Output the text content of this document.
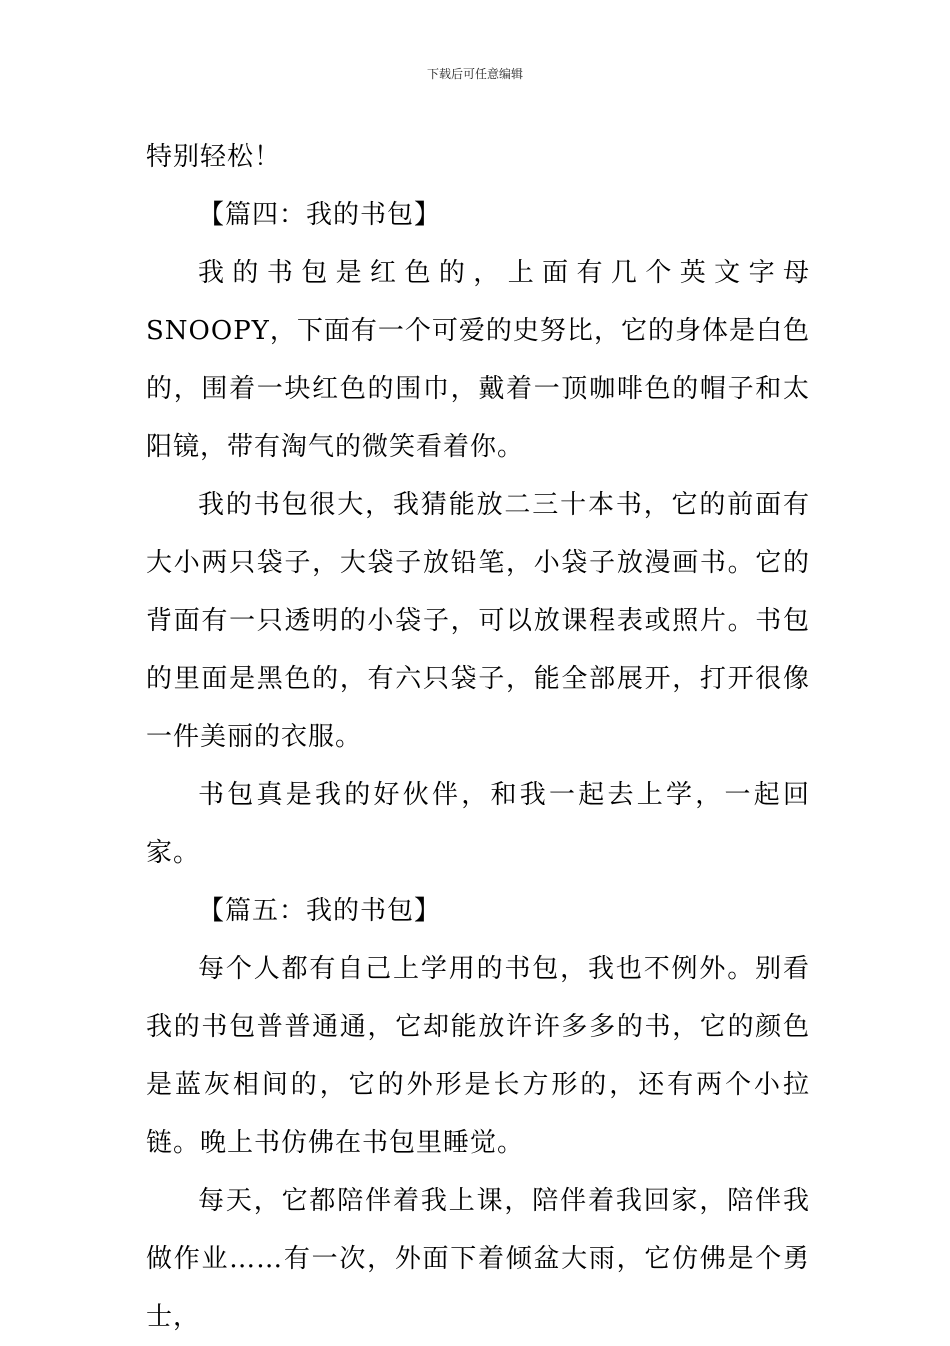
下载后可任意编辑

特别轻松！

【篇四：我的书包】

我的书包是红色的，上面有几个英文字母SNOOPY，下面有一个可爱的史努比，它的身体是白色的，围着一块红色的围巾，戴着一顶咖啡色的帽子和太阳镜，带有淘气的微笑看着你。

我的书包很大，我猜能放二三十本书，它的前面有大小两只袋子，大袋子放铅笔，小袋子放漫画书。它的背面有一只透明的小袋子，可以放课程表或照片。书包的里面是黑色的，有六只袋子，能全部展开，打开很像一件美丽的衣服。

书包真是我的好伙伴，和我一起去上学，一起回家。

【篇五：我的书包】

每个人都有自己上学用的书包，我也不例外。别看我的书包普普通通，它却能放许许多多的书，它的颜色是蓝灰相间的，它的外形是长方形的，还有两个小拉链。晚上书仿佛在书包里睡觉。

每天，它都陪伴着我上课，陪伴着我回家，陪伴我做作业……有一次，外面下着倾盆大雨，它仿佛是个勇士，
